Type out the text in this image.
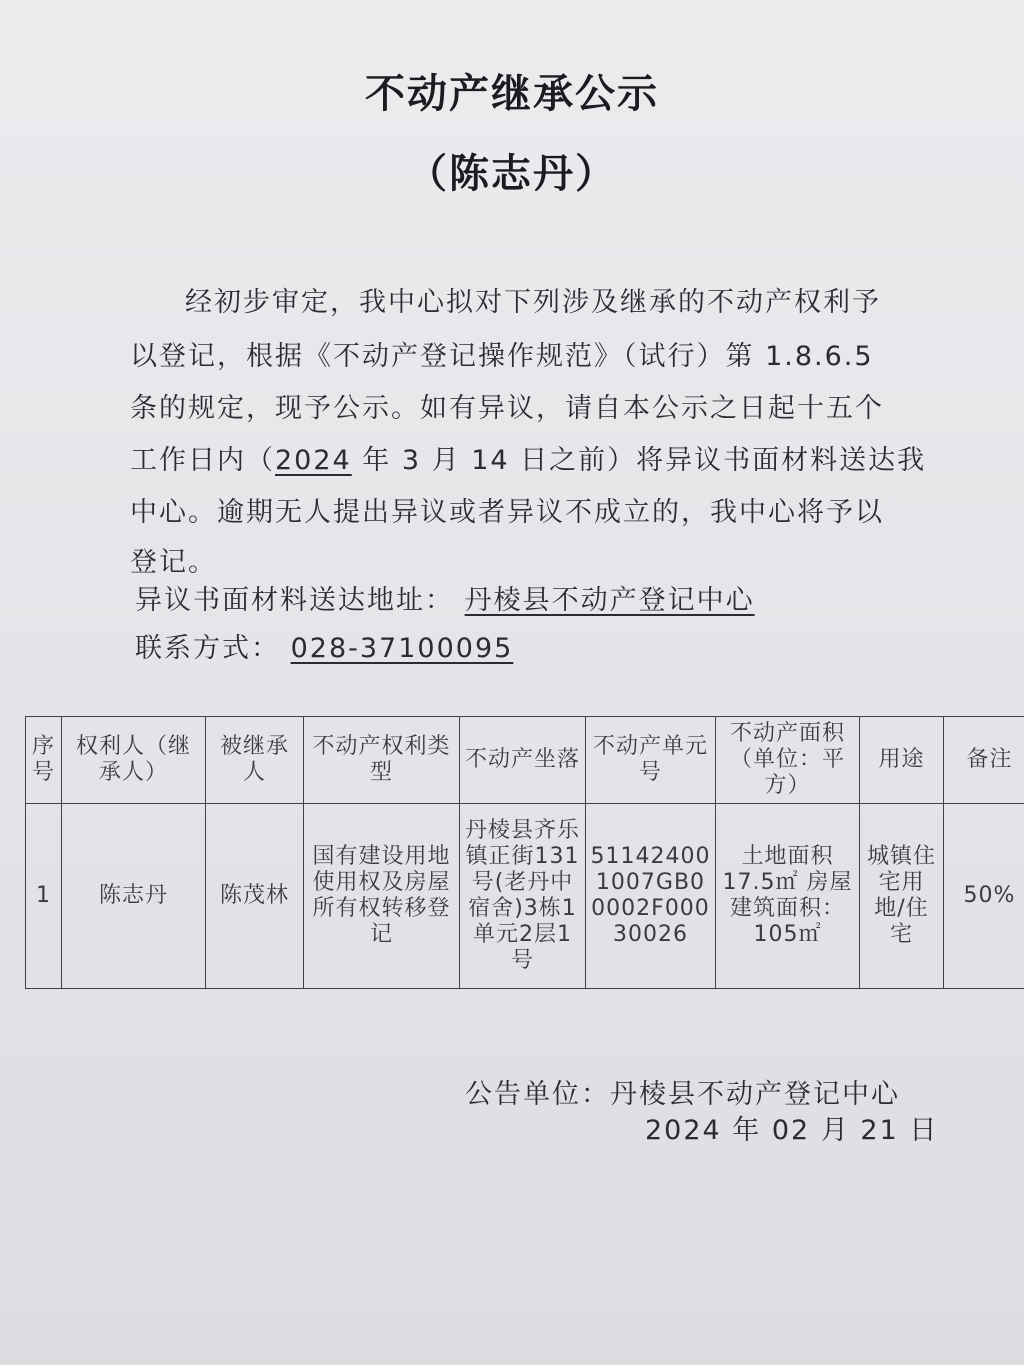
不动产继承公示
（陈志丹）
经初步审定，我中心拟对下列涉及继承的不动产权利予
以登记，根据《不动产登记操作规范》（试行）第 1.8.6.5
条的规定，现予公示。如有异议，请自本公示之日起十五个
工作日内（2024 年 3 月 14 日之前）将异议书面材料送达我
中心。逾期无人提出异议或者异议不成立的，我中心将予以
登记。
异议书面材料送达地址： 丹棱县不动产登记中心
联系方式： 028-37100095
序号	权利人（继承人）	被继承人	不动产权利类型	不动产坐落	不动产单元号	不动产面积（单位：平方）	用途	备注
1	陈志丹	陈茂林	国有建设用地使用权及房屋所有权转移登记	丹棱县齐乐镇正街131号(老丹中宿舍)3栋1单元2层1号	511424001007GB00002F00030026	土地面积17.5㎡ 房屋建筑面积：105㎡	城镇住宅用地/住宅	50%
公告单位：丹棱县不动产登记中心
2024 年 02 月 21 日
